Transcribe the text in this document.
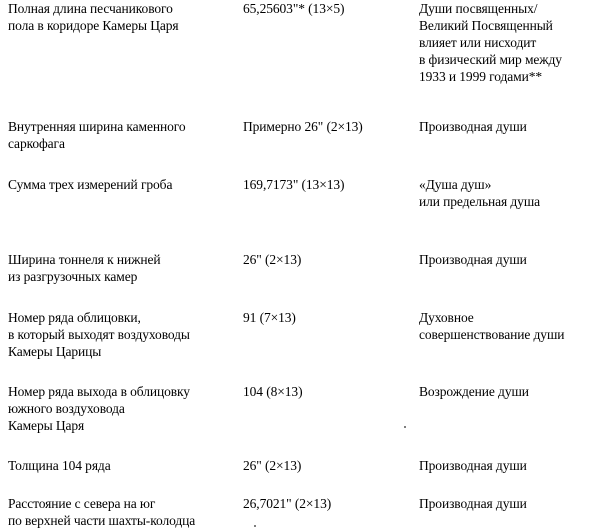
Полная длина песчаникового
пола в коридоре Камеры Царя
65,25603"* (13×5)	Души посвященных/
Великий Посвященный
влияет или нисходит
в физический мир между
1933 и 1999 годами**
Внутренняя ширина каменного
саркофага
Примерно 26" (2×13)	Производная души
Сумма трех измерений гроба	169,7173" (13×13)	«Душа душ»
или предельная душа
Ширина тоннеля к нижней
из разгрузочных камер
26" (2×13)	Производная души
Номер ряда облицовки,
в который выходят воздуховоды
Камеры Царицы
91 (7×13)	Духовное
совершенствование души
Номер ряда выхода в облицовку
южного воздуховода
Камеры Царя
104 (8×13)	Возрождение души
Толщина 104 ряда	26" (2×13)	Производная души
Расстояние с севера на юг
по верхней части шахты-колодца
26,7021" (2×13)	Производная души
